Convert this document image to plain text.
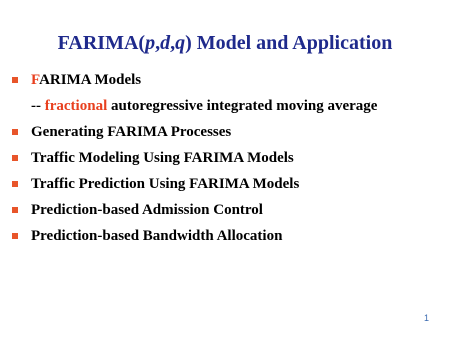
FARIMA(p,d,q) Model and Application
FARIMA Models
-- fractional autoregressive integrated moving average
Generating FARIMA Processes
Traffic Modeling Using FARIMA Models
Traffic Prediction Using FARIMA Models
Prediction-based Admission Control
Prediction-based Bandwidth Allocation
1
